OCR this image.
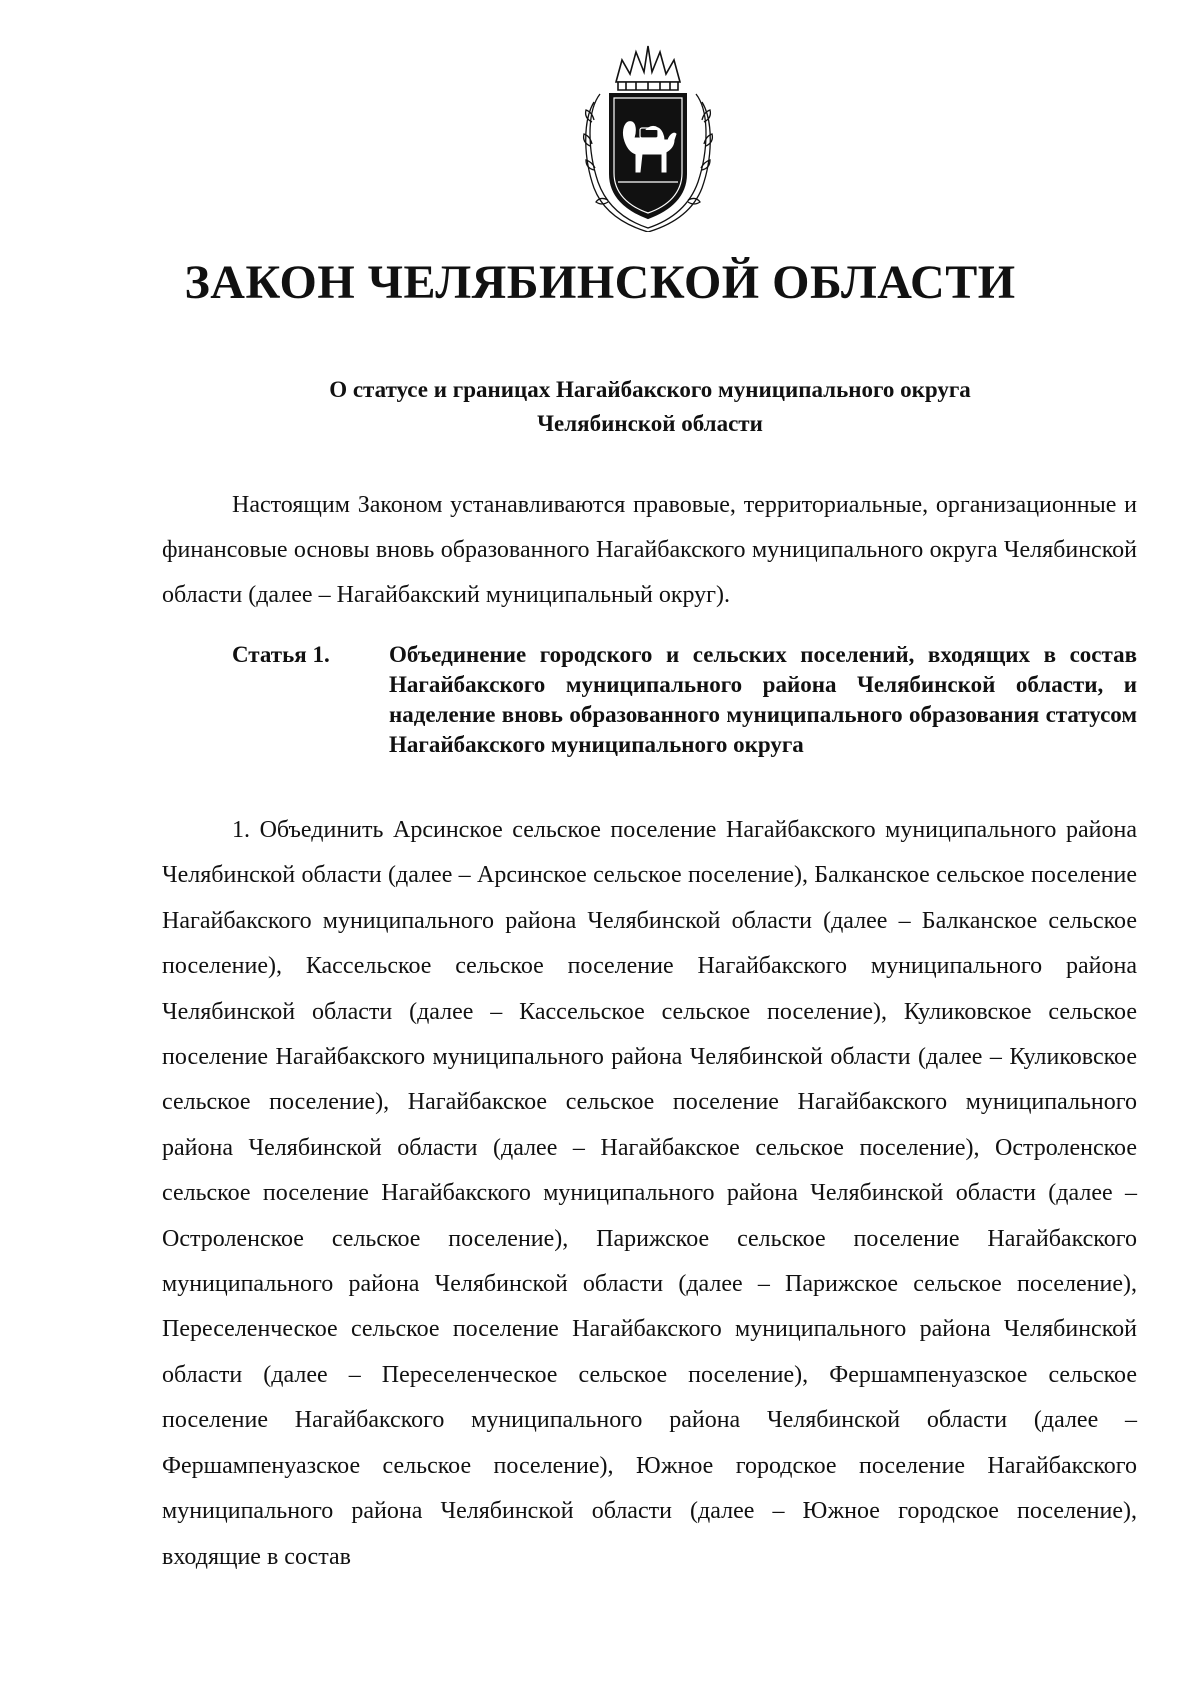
ЗАКОН ЧЕЛЯБИНСКОЙ ОБЛАСТИ
О статусе и границах Нагайбакского муниципального округа
Челябинской области

Настоящим Законом устанавливаются правовые, территориальные, организационные и финансовые основы вновь образованного Нагайбакского муниципального округа Челябинской области (далее – Нагайбакский муниципальный округ).

Статья 1.	Объединение городского и сельских поселений, входящих в состав Нагайбакского муниципального района Челябинской области, и наделение вновь образованного муниципального образования статусом Нагайбакского муниципального округа

1. Объединить Арсинское сельское поселение Нагайбакского муниципального района Челябинской области (далее – Арсинское сельское поселение), Балканское сельское поселение Нагайбакского муниципального района Челябинской области (далее – Балканское сельское поселение), Кассельское сельское поселение Нагайбакского муниципального района Челябинской области (далее – Кассельское сельское поселение), Куликовское сельское поселение Нагайбакского муниципального района Челябинской области (далее – Куликовское сельское поселение), Нагайбакское сельское поселение Нагайбакского муниципального района Челябинской области (далее – Нагайбакское сельское поселение), Остроленское сельское поселение Нагайбакского муниципального района Челябинской области (далее – Остроленское сельское поселение), Парижское сельское поселение Нагайбакского муниципального района Челябинской области (далее – Парижское сельское поселение), Переселенческое сельское поселение Нагайбакского муниципального района Челябинской области (далее – Переселенческое сельское поселение), Фершампенуазское сельское поселение Нагайбакского муниципального района Челябинской области (далее – Фершампенуазское сельское поселение), Южное городское поселение Нагайбакского муниципального района Челябинской области (далее – Южное городское поселение), входящие в состав
